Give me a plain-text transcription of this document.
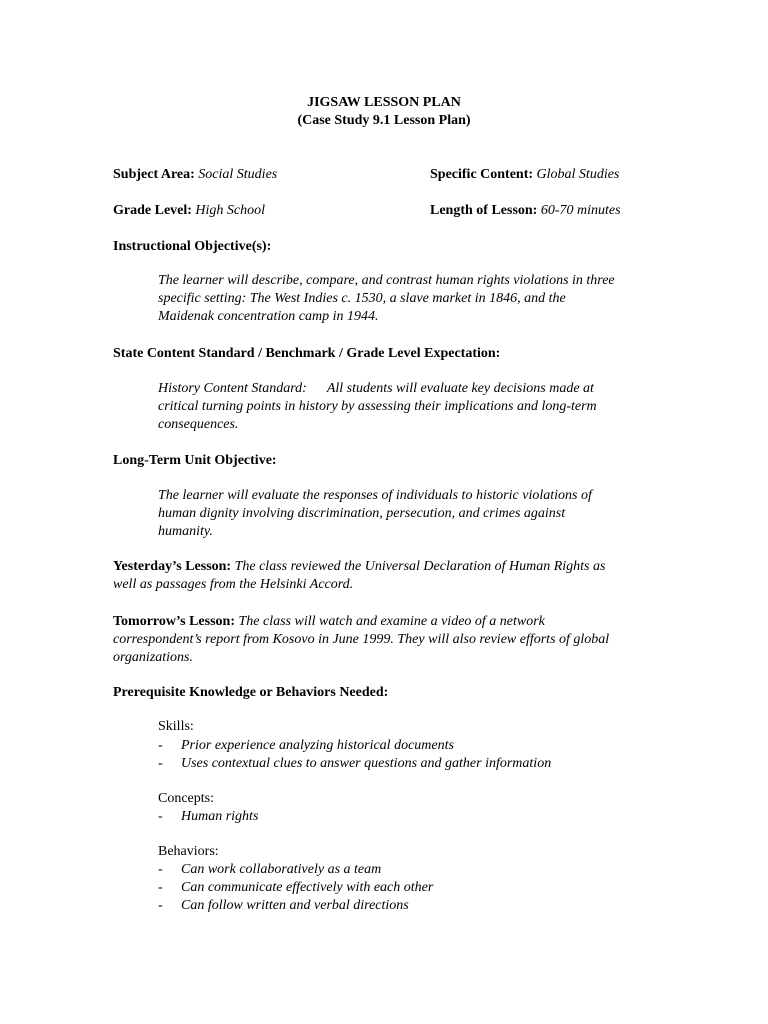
JIGSAW LESSON PLAN
(Case Study 9.1 Lesson Plan)
Subject Area: Social Studies	Specific Content: Global Studies
Grade Level: High School	Length of Lesson: 60-70 minutes
Instructional Objective(s):
The learner will describe, compare, and contrast human rights violations in three
specific setting: The West Indies c. 1530, a slave market in 1846, and the
Maidenak concentration camp in 1944.
State Content Standard / Benchmark / Grade Level Expectation:
History Content Standard: All students will evaluate key decisions made at
critical turning points in history by assessing their implications and long-term
consequences.
Long-Term Unit Objective:
The learner will evaluate the responses of individuals to historic violations of
human dignity involving discrimination, persecution, and crimes against
humanity.
Yesterday’s Lesson: The class reviewed the Universal Declaration of Human Rights as
well as passages from the Helsinki Accord.
Tomorrow’s Lesson: The class will watch and examine a video of a network
correspondent’s report from Kosovo in June 1999. They will also review efforts of global
organizations.
Prerequisite Knowledge or Behaviors Needed:
Skills:
- Prior experience analyzing historical documents
- Uses contextual clues to answer questions and gather information
Concepts:
- Human rights
Behaviors:
- Can work collaboratively as a team
- Can communicate effectively with each other
- Can follow written and verbal directions
